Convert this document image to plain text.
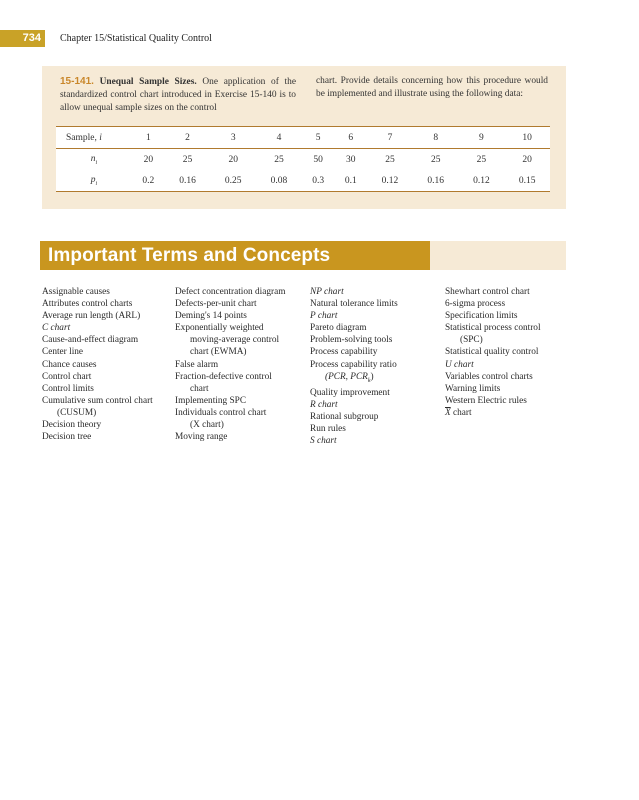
734	Chapter 15/Statistical Quality Control
15-141. Unequal Sample Sizes. One application of the standardized control chart introduced in Exercise 15-140 is to allow unequal sample sizes on the control
chart. Provide details concerning how this procedure would be implemented and illustrate using the following data:
Sample, i	1	2	3	4	5	6	7	8	9	10
$n_i$	20	25	20	25	50	30	25	25	25	20
$p_i$	0.2	0.16	0.25	0.08	0.3	0.1	0.12	0.16	0.12	0.15
Important Terms and Concepts
Assignable causes
Attributes control charts
Average run length (ARL)
C chart
Cause-and-effect diagram
Center line
Chance causes
Control chart
Control limits
Cumulative sum control chart
(CUSUM)
Decision theory
Decision tree
Defect concentration diagram
Defects-per-unit chart
Deming's 14 points
Exponentially weighted
moving-average control
chart (EWMA)
False alarm
Fraction-defective control
chart
Implementing SPC
Individuals control chart
(X chart)
Moving range
NP chart
Natural tolerance limits
P chart
Pareto diagram
Problem-solving tools
Process capability
Process capability ratio
(PCR, $PCR_k$)
Quality improvement
R chart
Rational subgroup
Run rules
S chart
Shewhart control chart
6-sigma process
Specification limits
Statistical process control
(SPC)
Statistical quality control
U chart
Variables control charts
Warning limits
Western Electric rules
$\overline{X}$ chart
